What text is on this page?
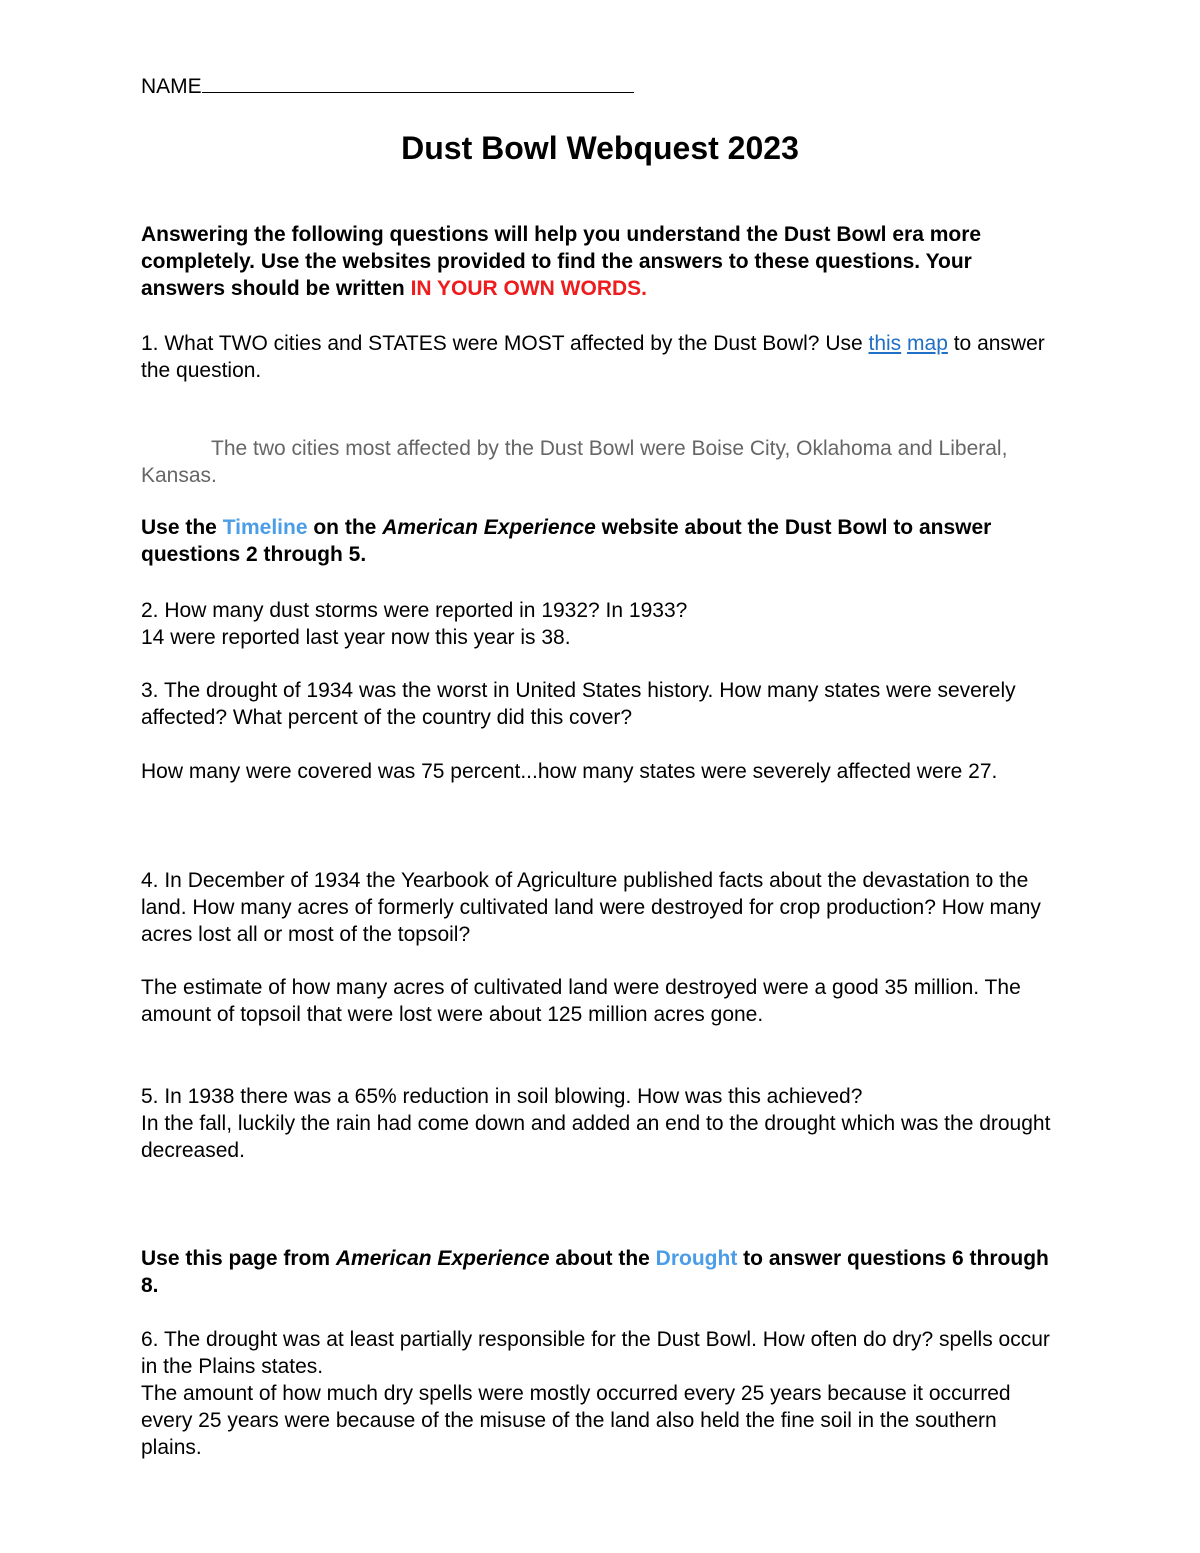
NAME

Dust Bowl Webquest 2023

Answering the following questions will help you understand the Dust Bowl era more completely. Use the websites provided to find the answers to these questions. Your answers should be written IN YOUR OWN WORDS.

1. What TWO cities and STATES were MOST affected by the Dust Bowl? Use this map to answer the question.

The two cities most affected by the Dust Bowl were Boise City, Oklahoma and Liberal, Kansas.

Use the Timeline on the American Experience website about the Dust Bowl to answer questions 2 through 5.

2. How many dust storms were reported in 1932? In 1933?

14 were reported last year now this year is 38.

3. The drought of 1934 was the worst in United States history. How many states were severely affected? What percent of the country did this cover?

How many were covered was 75 percent...how many states were severely affected were 27.

4. In December of 1934 the Yearbook of Agriculture published facts about the devastation to the land. How many acres of formerly cultivated land were destroyed for crop production? How many acres lost all or most of the topsoil?

The estimate of how many acres of cultivated land were destroyed were a good 35 million. The amount of topsoil that were lost were about 125 million acres gone.

5. In 1938 there was a 65% reduction in soil blowing. How was this achieved?

In the fall, luckily the rain had come down and added an end to the drought which was the drought decreased.

Use this page from American Experience about the Drought to answer questions 6 through 8.

6. The drought was at least partially responsible for the Dust Bowl. How often do dry? spells occur in the Plains states.

The amount of how much dry spells were mostly occurred every 25 years because it occurred every 25 years were because of the misuse of the land also held the fine soil in the southern plains.
